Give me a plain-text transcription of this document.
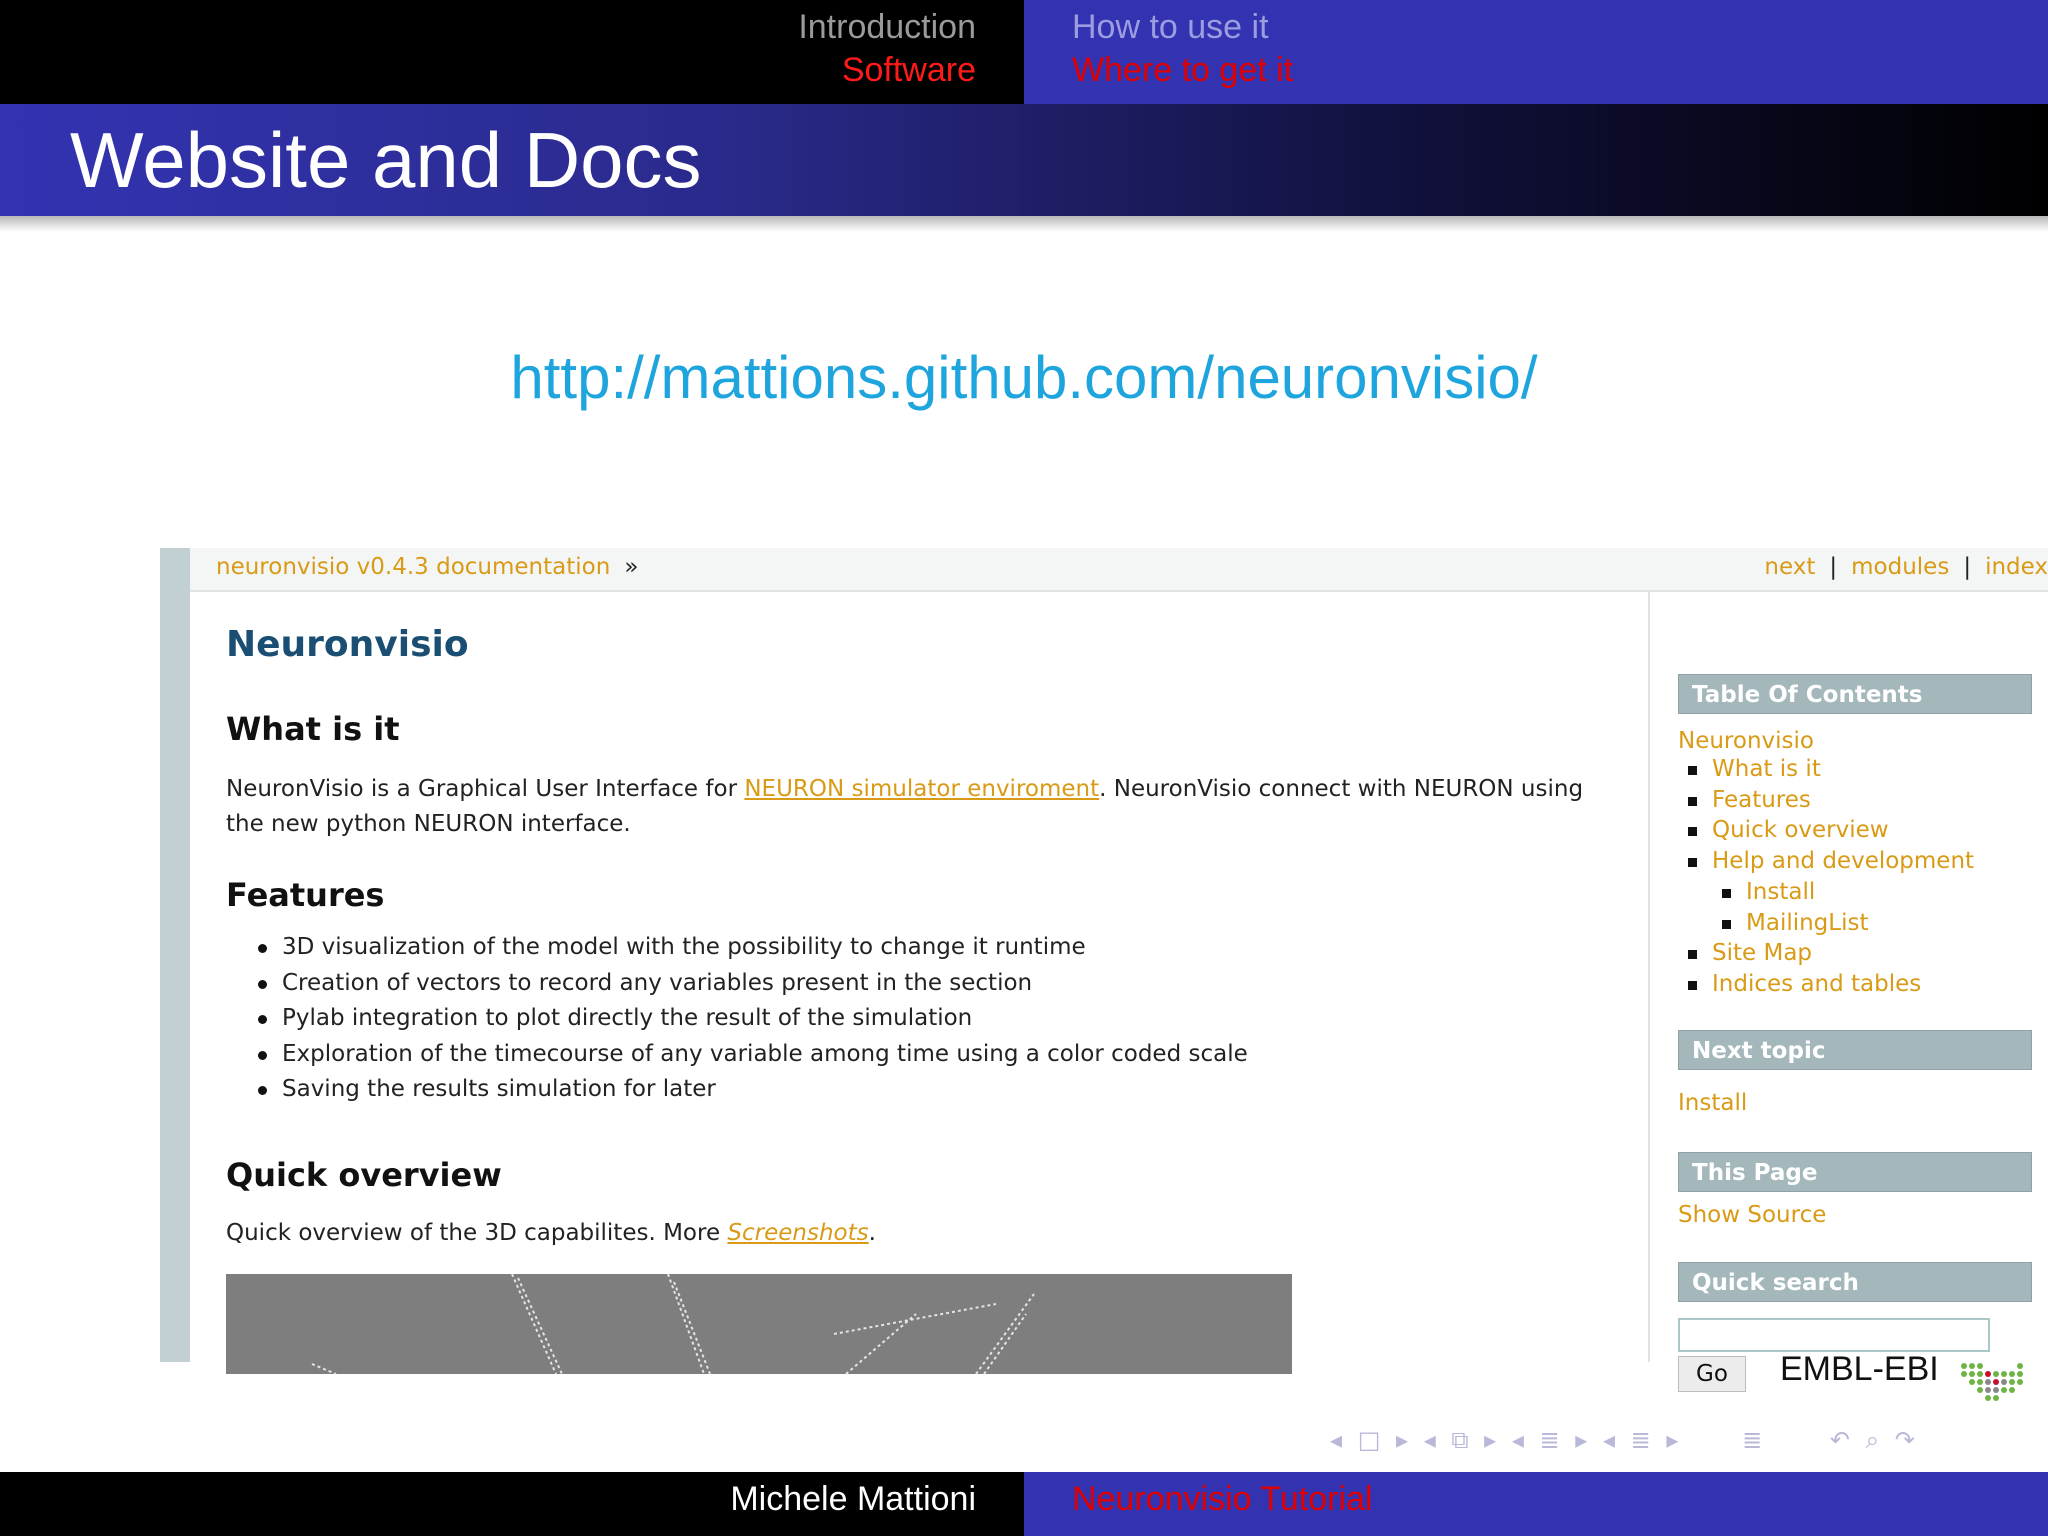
Introduction
Software
How to use it
Where to get it
Website and Docs
http://mattions.github.com/neuronvisio/
neuronvisio v0.4.3 documentation »	next | modules | index
Neuronvisio
What is it
NeuronVisio is a Graphical User Interface for NEURON simulator enviroment. NeuronVisio connect with NEURON using the new python NEURON interface.
Features
3D visualization of the model with the possibility to change it runtime
Creation of vectors to record any variables present in the section
Pylab integration to plot directly the result of the simulation
Exploration of the timecourse of any variable among time using a color coded scale
Saving the results simulation for later
Quick overview
Quick overview of the 3D capabilites. More Screenshots.
Table Of Contents
Neuronvisio
What is it
Features
Quick overview
Help and development
Install
MailingList
Site Map
Indices and tables
Next topic
Install
This Page
Show Source
Quick search
Go	EMBL-EBI
◂ □ ▸ ◂ ⧉ ▸ ◂ ≣ ▸ ◂ ≣ ▸ ≣	↶ ⌕ ↷
Michele Mattioni	Neuronvisio Tutorial
